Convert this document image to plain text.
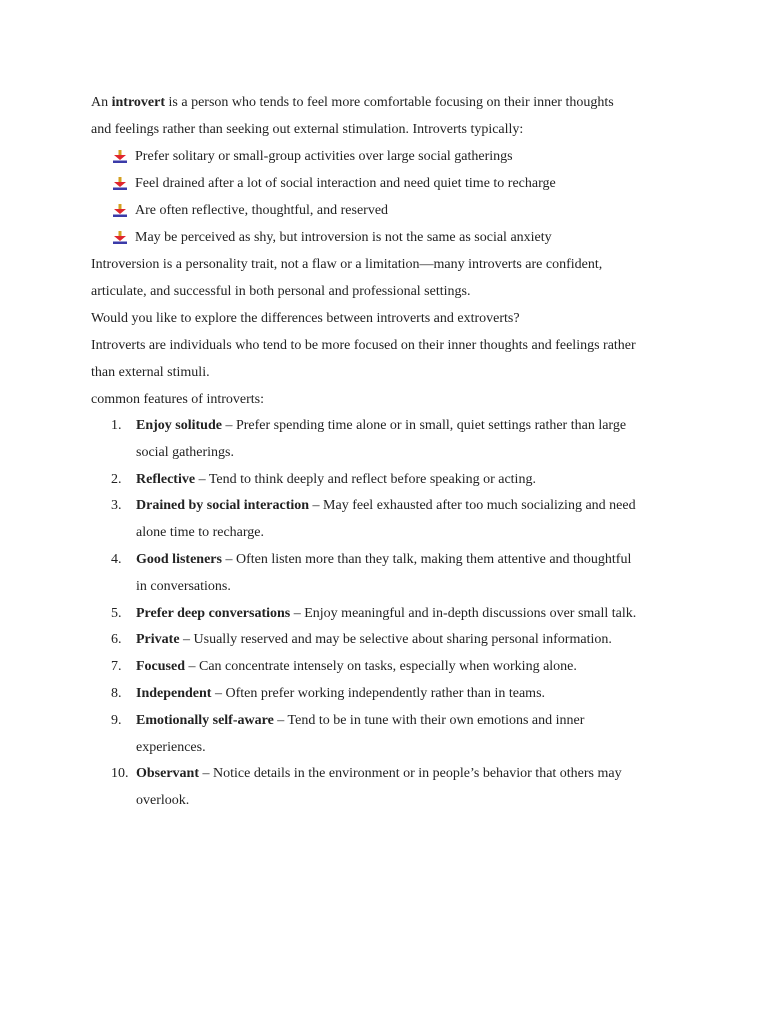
An introvert is a person who tends to feel more comfortable focusing on their inner thoughts

and feelings rather than seeking out external stimulation. Introverts typically:

Prefer solitary or small-group activities over large social gatherings
Feel drained after a lot of social interaction and need quiet time to recharge
Are often reflective, thoughtful, and reserved
May be perceived as shy, but introversion is not the same as social anxiety

Introversion is a personality trait, not a flaw or a limitation—many introverts are confident,

articulate, and successful in both personal and professional settings.

Would you like to explore the differences between introverts and extroverts?

Introverts are individuals who tend to be more focused on their inner thoughts and feelings rather

than external stimuli.

common features of introverts:

1. Enjoy solitude – Prefer spending time alone or in small, quiet settings rather than large
social gatherings.
2. Reflective – Tend to think deeply and reflect before speaking or acting.
3. Drained by social interaction – May feel exhausted after too much socializing and need
alone time to recharge.
4. Good listeners – Often listen more than they talk, making them attentive and thoughtful
in conversations.
5. Prefer deep conversations – Enjoy meaningful and in-depth discussions over small talk.
6. Private – Usually reserved and may be selective about sharing personal information.
7. Focused – Can concentrate intensely on tasks, especially when working alone.
8. Independent – Often prefer working independently rather than in teams.
9. Emotionally self-aware – Tend to be in tune with their own emotions and inner
experiences.
10. Observant – Notice details in the environment or in people’s behavior that others may
overlook.
